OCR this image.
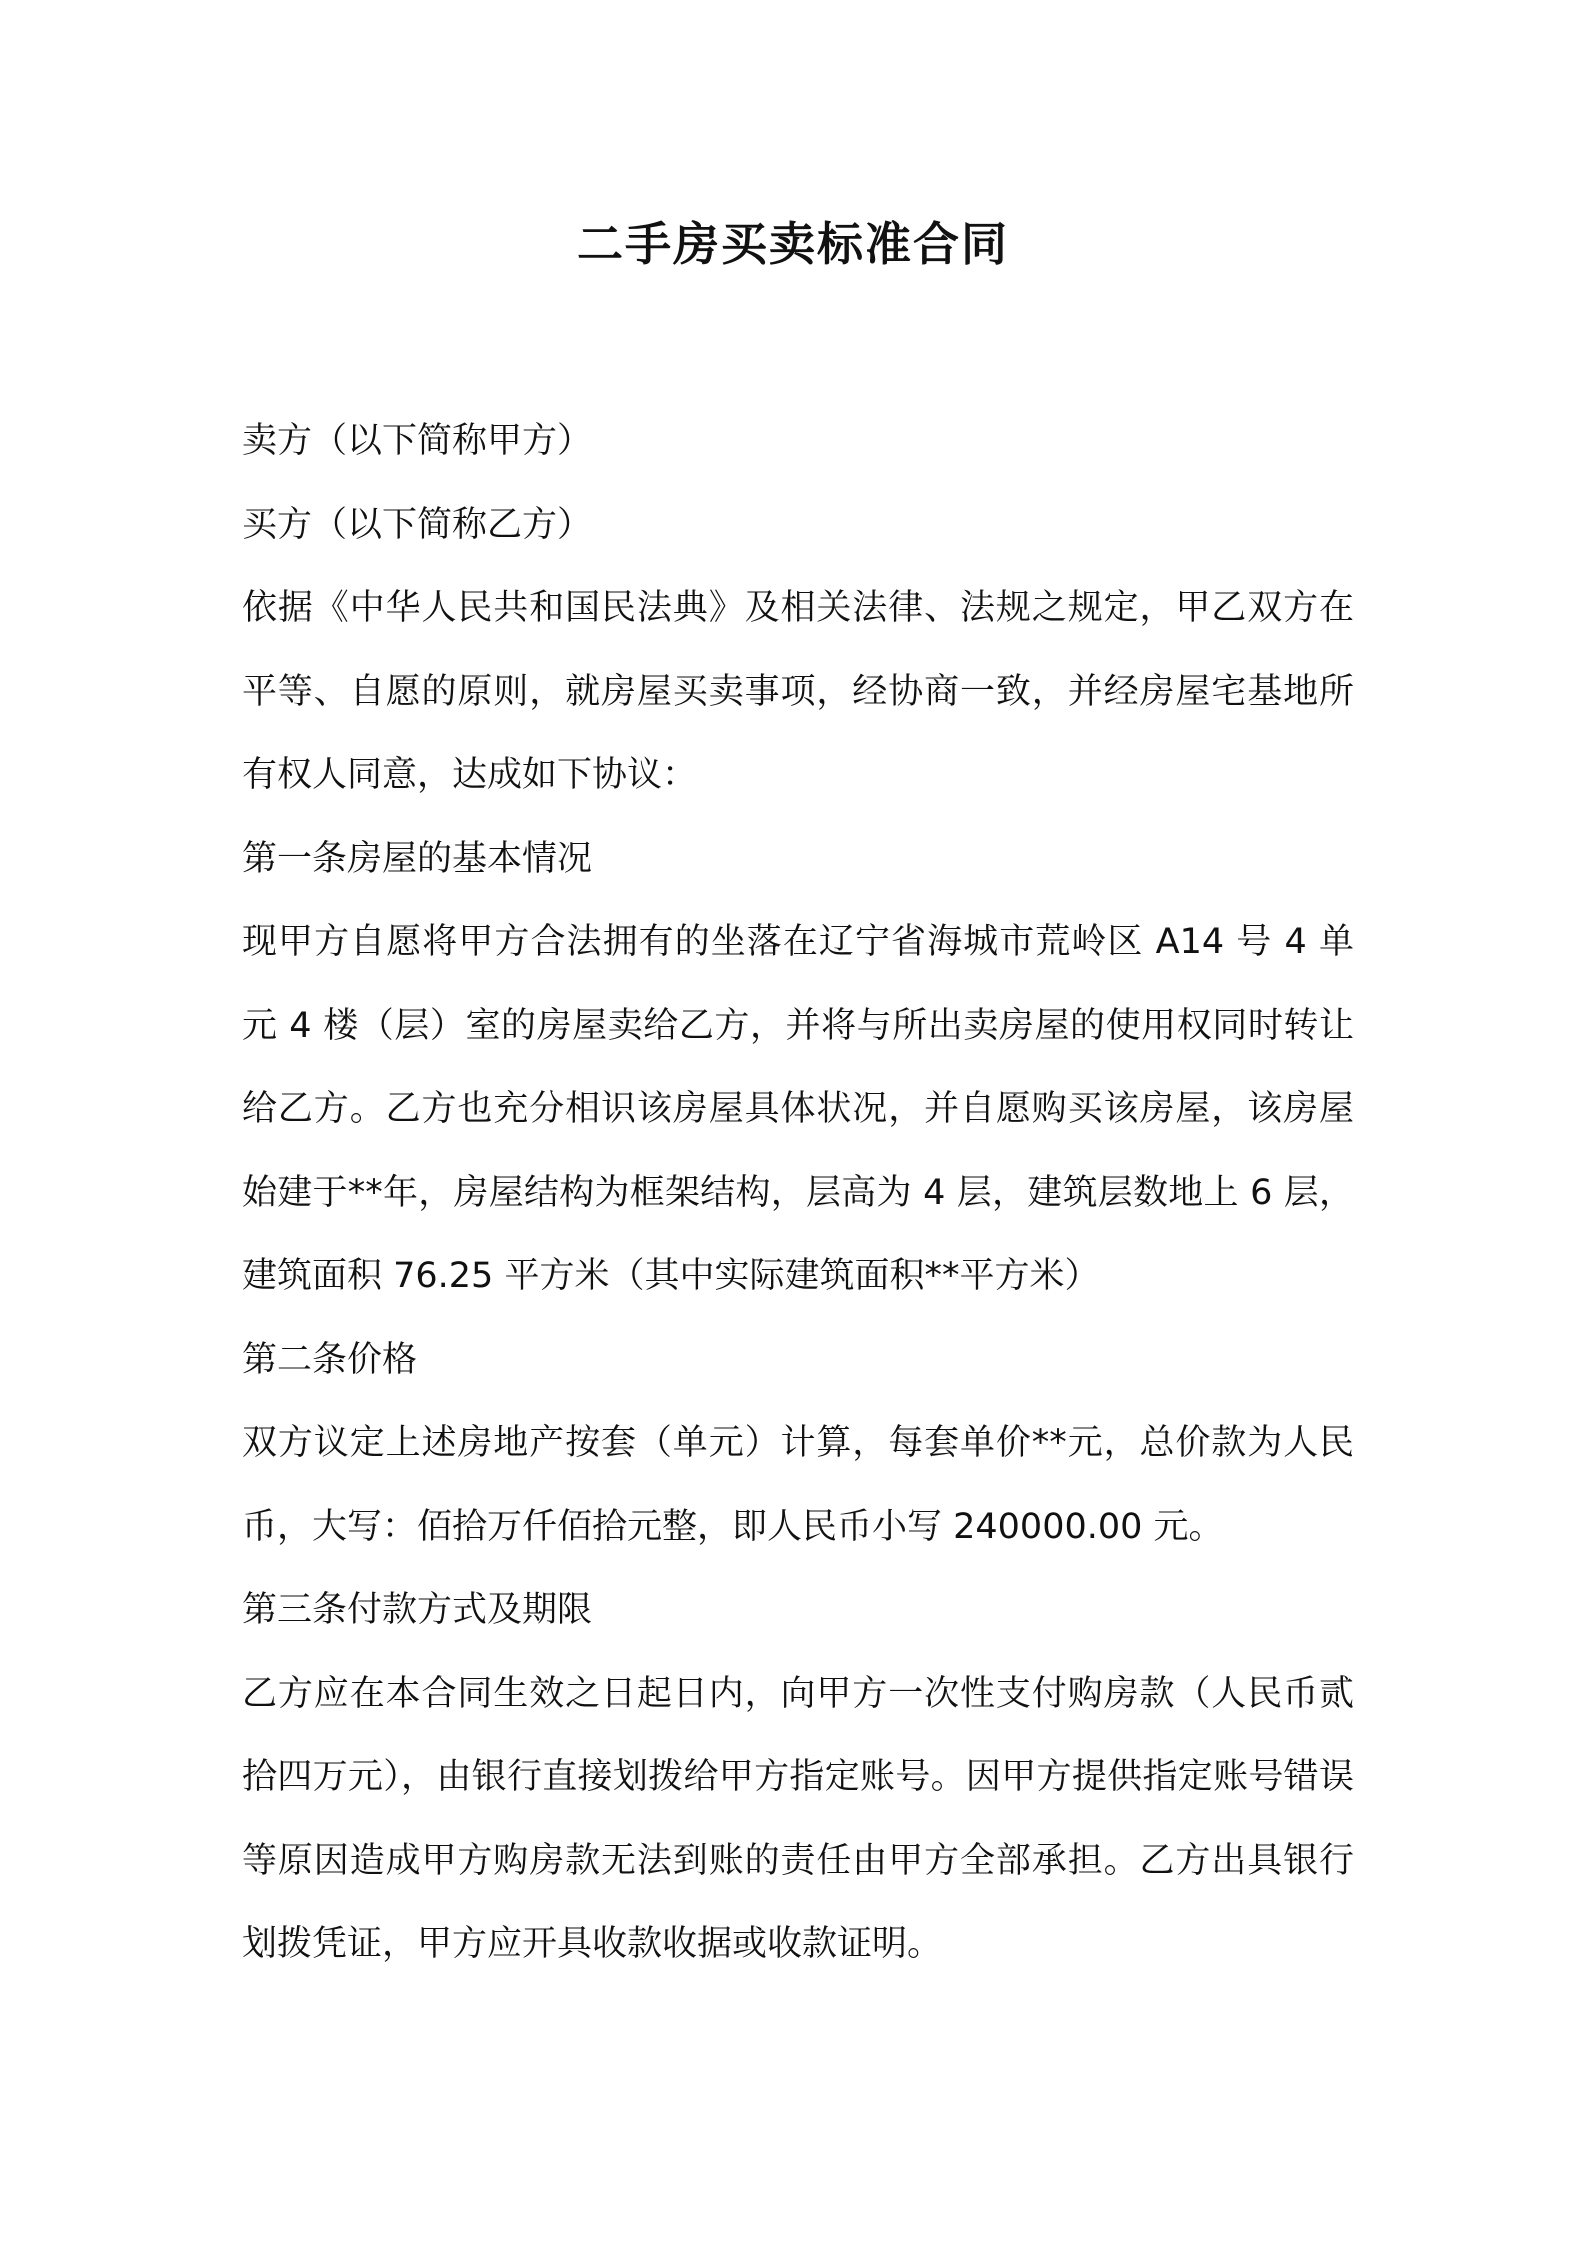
二手房买卖标准合同

卖方（以下简称甲方）

买方（以下简称乙方）

依据《中华人民共和国民法典》及相关法律、法规之规定，甲乙双方在平等、自愿的原则，就房屋买卖事项，经协商一致，并经房屋宅基地所有权人同意，达成如下协议：

第一条房屋的基本情况

现甲方自愿将甲方合法拥有的坐落在辽宁省海城市荒岭区 A14 号 4 单元 4 楼（层）室的房屋卖给乙方，并将与所出卖房屋的使用权同时转让给乙方。乙方也充分相识该房屋具体状况，并自愿购买该房屋，该房屋始建于**年，房屋结构为框架结构，层高为 4 层，建筑层数地上 6 层，建筑面积 76.25 平方米（其中实际建筑面积**平方米）

第二条价格

双方议定上述房地产按套（单元）计算，每套单价**元，总价款为人民币，大写：佰拾万仟佰拾元整，即人民币小写 240000.00 元。

第三条付款方式及期限

乙方应在本合同生效之日起日内，向甲方一次性支付购房款（人民币贰拾四万元），由银行直接划拨给甲方指定账号。因甲方提供指定账号错误等原因造成甲方购房款无法到账的责任由甲方全部承担。乙方出具银行划拨凭证，甲方应开具收款收据或收款证明。
